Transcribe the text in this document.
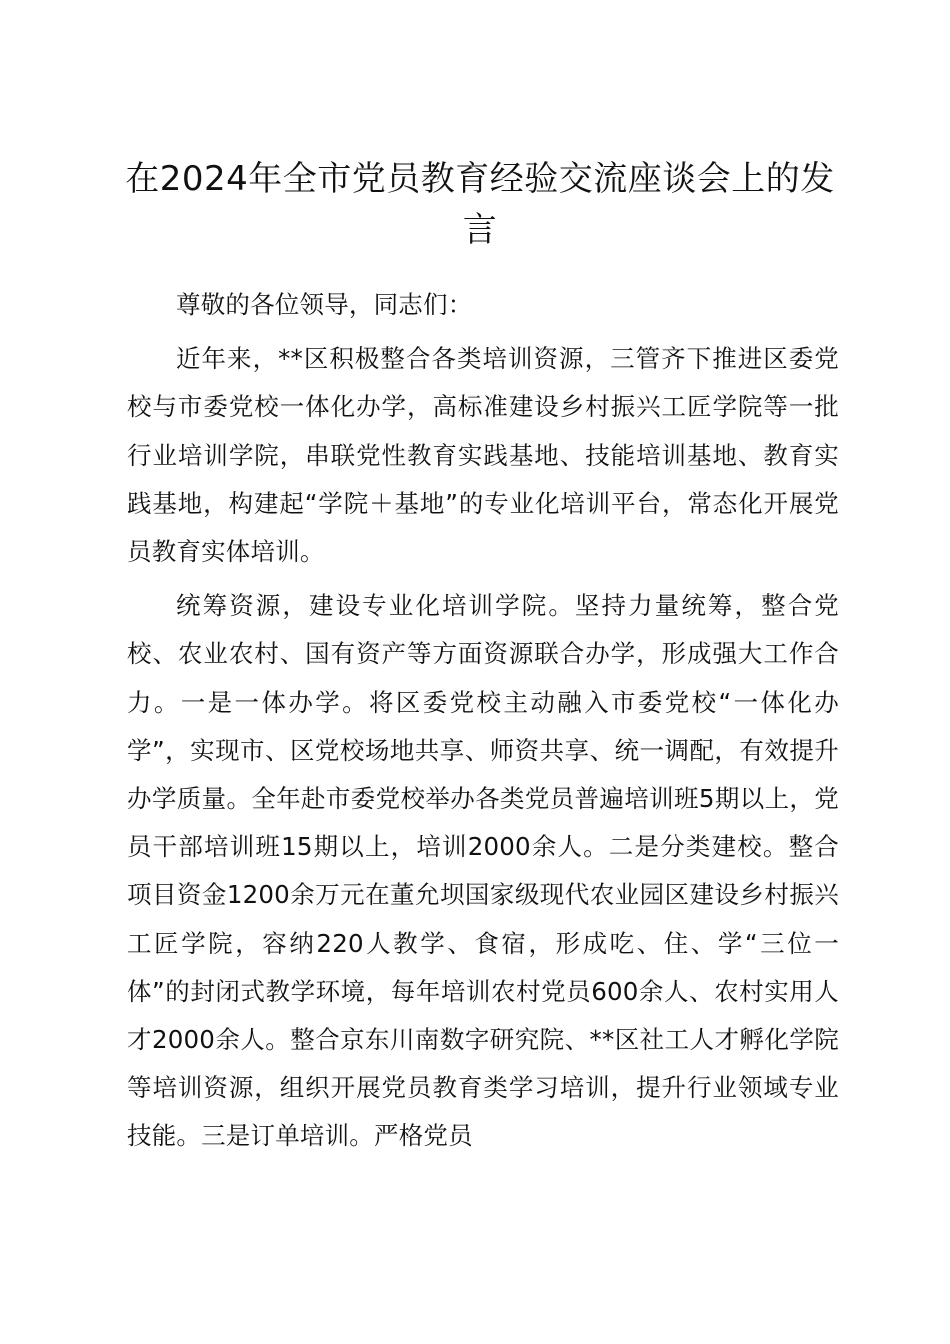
在2024年全市党员教育经验交流座谈会上的发言

尊敬的各位领导，同志们：

近年来，**区积极整合各类培训资源，三管齐下推进区委党校与市委党校一体化办学，高标准建设乡村振兴工匠学院等一批行业培训学院，串联党性教育实践基地、技能培训基地、教育实践基地，构建起“学院＋基地”的专业化培训平台，常态化开展党员教育实体培训。

统筹资源，建设专业化培训学院。坚持力量统筹，整合党校、农业农村、国有资产等方面资源联合办学，形成强大工作合力。一是一体办学。将区委党校主动融入市委党校“一体化办学”，实现市、区党校场地共享、师资共享、统一调配，有效提升办学质量。全年赴市委党校举办各类党员普遍培训班5期以上，党员干部培训班15期以上，培训2000余人。二是分类建校。整合项目资金1200余万元在董允坝国家级现代农业园区建设乡村振兴工匠学院，容纳220人教学、食宿，形成吃、住、学“三位一体”的封闭式教学环境，每年培训农村党员600余人、农村实用人才2000余人。整合京东川南数字研究院、**区社工人才孵化学院等培训资源，组织开展党员教育类学习培训，提升行业领域专业技能。三是订单培训。严格党员
